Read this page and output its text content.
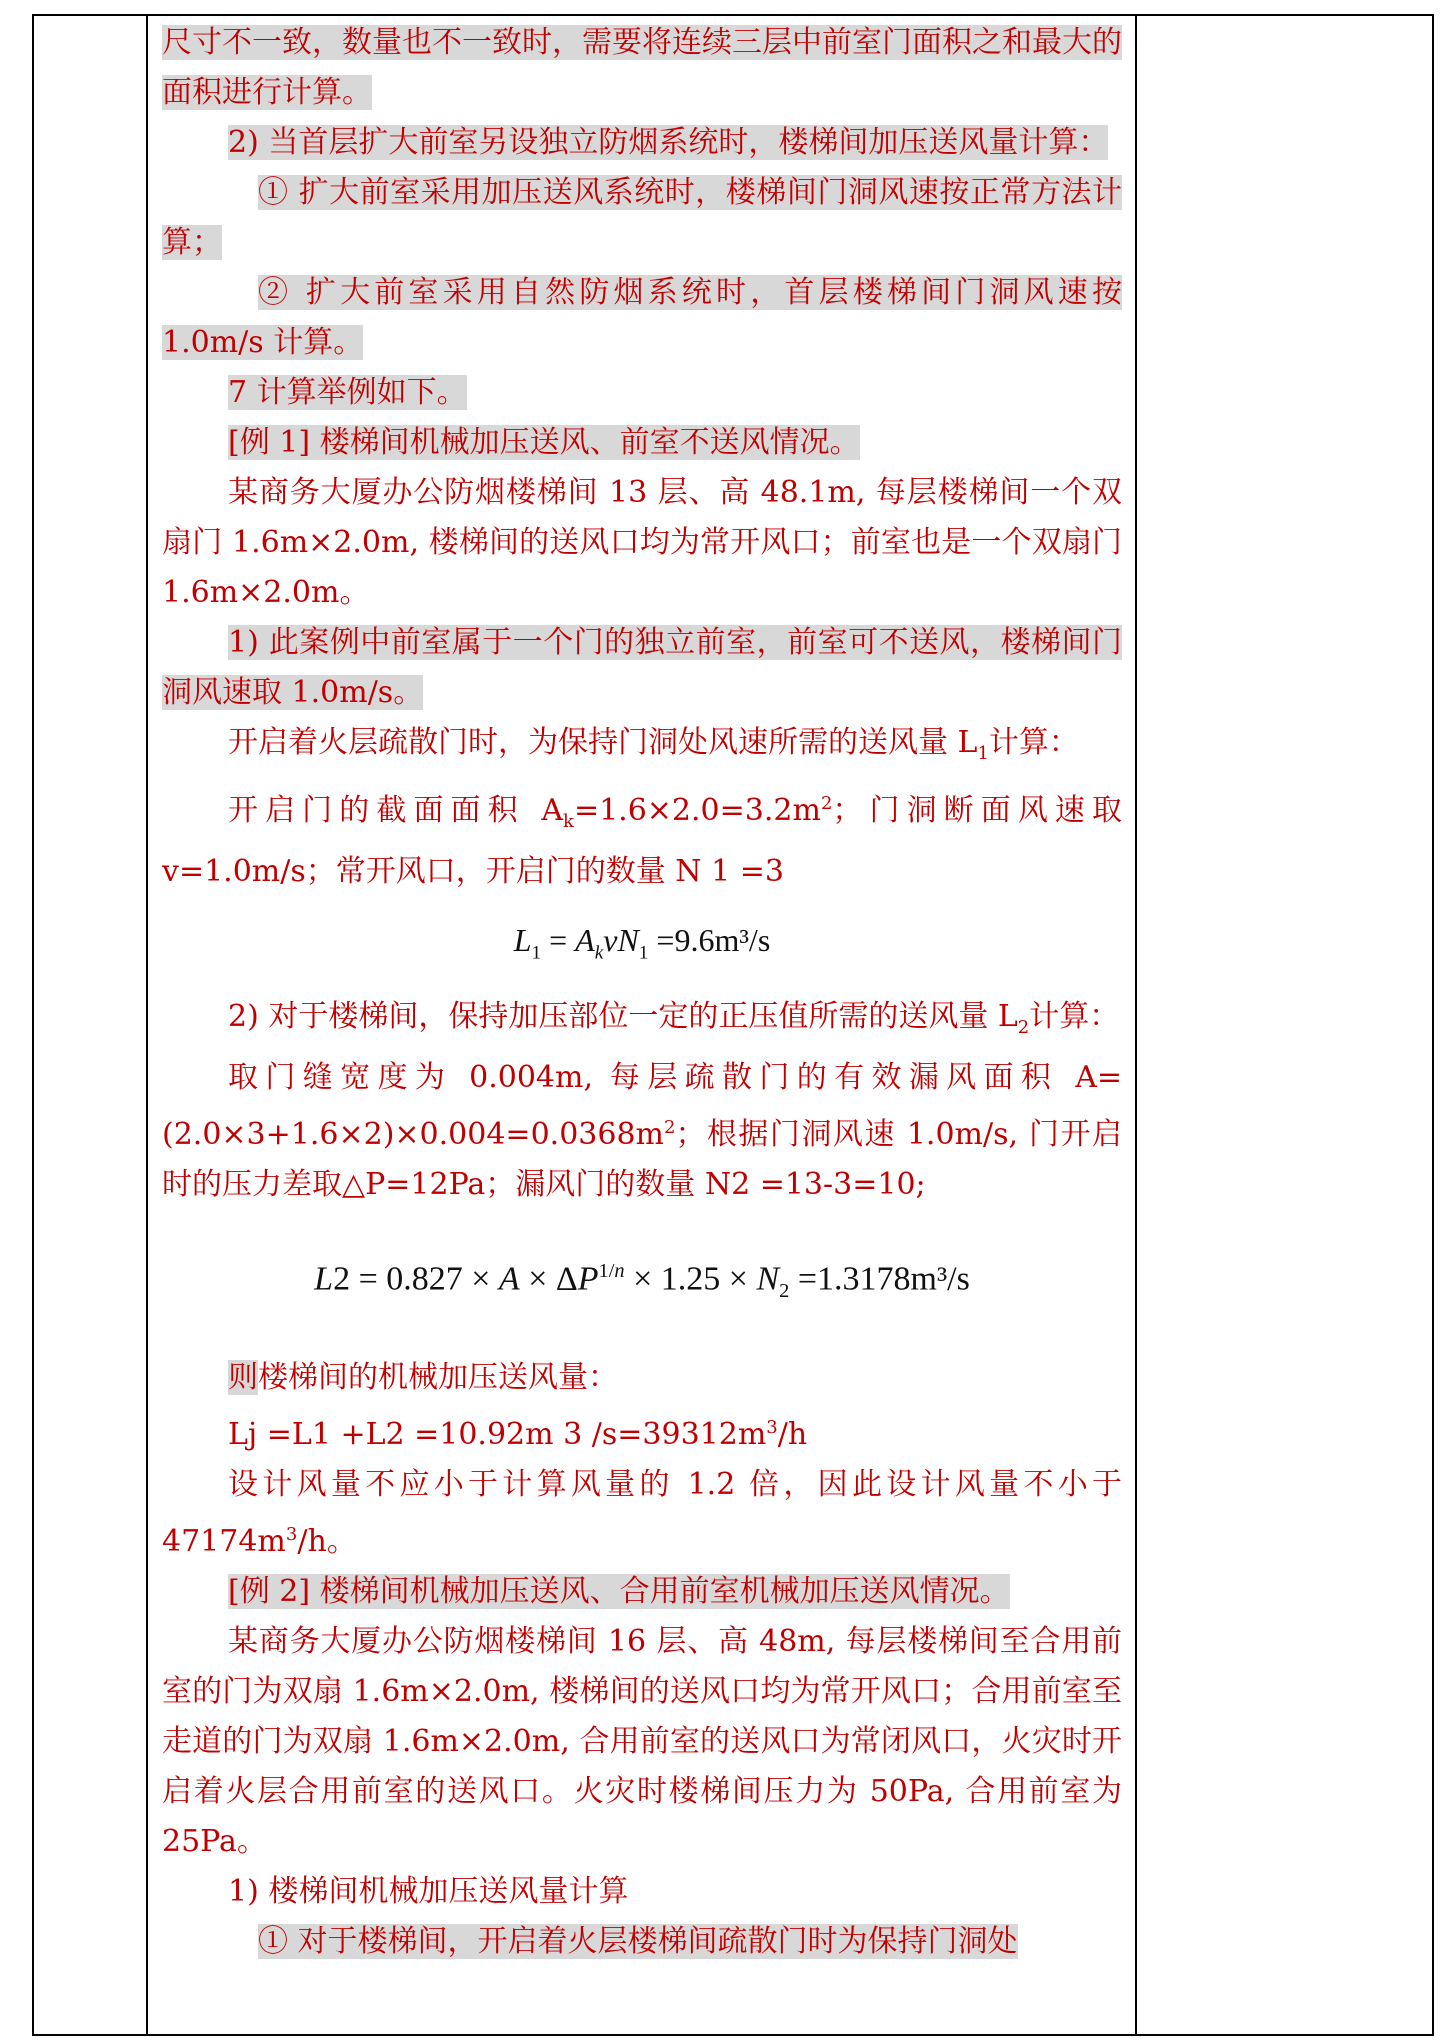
尺寸不一致，数量也不一致时，需要将连续三层中前室门面积之和最大的面积进行计算。

2) 当首层扩大前室另设独立防烟系统时，楼梯间加压送风量计算：

① 扩大前室采用加压送风系统时，楼梯间门洞风速按正常方法计算；

② 扩大前室采用自然防烟系统时，首层楼梯间门洞风速按 1.0m/s 计算。

7 计算举例如下。

[例 1] 楼梯间机械加压送风、前室不送风情况。

某商务大厦办公防烟楼梯间 13 层、高 48.1m, 每层楼梯间一个双扇门 1.6m×2.0m, 楼梯间的送风口均为常开风口；前室也是一个双扇门 1.6m×2.0m。

1) 此案例中前室属于一个门的独立前室，前室可不送风，楼梯间门洞风速取 1.0m/s。

开启着火层疏散门时，为保持门洞处风速所需的送风量 $L_1$计算：

开启门的截面面积 $A_k=1.6\times 2.0=3.2m^2$；门洞断面风速取 v=1.0m/s；常开风口，开启门的数量 N 1 =3

$L_1 = A_kvN_1 =9.6m^3/s$

2) 对于楼梯间，保持加压部位一定的正压值所需的送风量 $L_2$计算：

取门缝宽度为 0.004m, 每层疏散门的有效漏风面积 $A= (2.0\times 3+1.6\times 2)\times 0.004=0.0368m^2$；根据门洞风速 1.0m/s, 门开启时的压力差取△P=12Pa；漏风门的数量 N2 =13-3=10;

$L2 = 0.827 \times A \times \Delta P^{1/n} \times 1.25 \times N_2 =1.3178m^3/s$

则楼梯间的机械加压送风量：

Lj =L1 +L2 =10.92m 3 $/s=39312m^3/h$

设计风量不应小于计算风量的 1.2 倍，因此设计风量不小于 $47174m^3/h$。

[例 2] 楼梯间机械加压送风、合用前室机械加压送风情况。

某商务大厦办公防烟楼梯间 16 层、高 48m, 每层楼梯间至合用前室的门为双扇 1.6m×2.0m, 楼梯间的送风口均为常开风口；合用前室至走道的门为双扇 1.6m×2.0m, 合用前室的送风口为常闭风口，火灾时开启着火层合用前室的送风口。火灾时楼梯间压力为 50Pa, 合用前室为 25Pa。

1) 楼梯间机械加压送风量计算

① 对于楼梯间，开启着火层楼梯间疏散门时为保持门洞处
